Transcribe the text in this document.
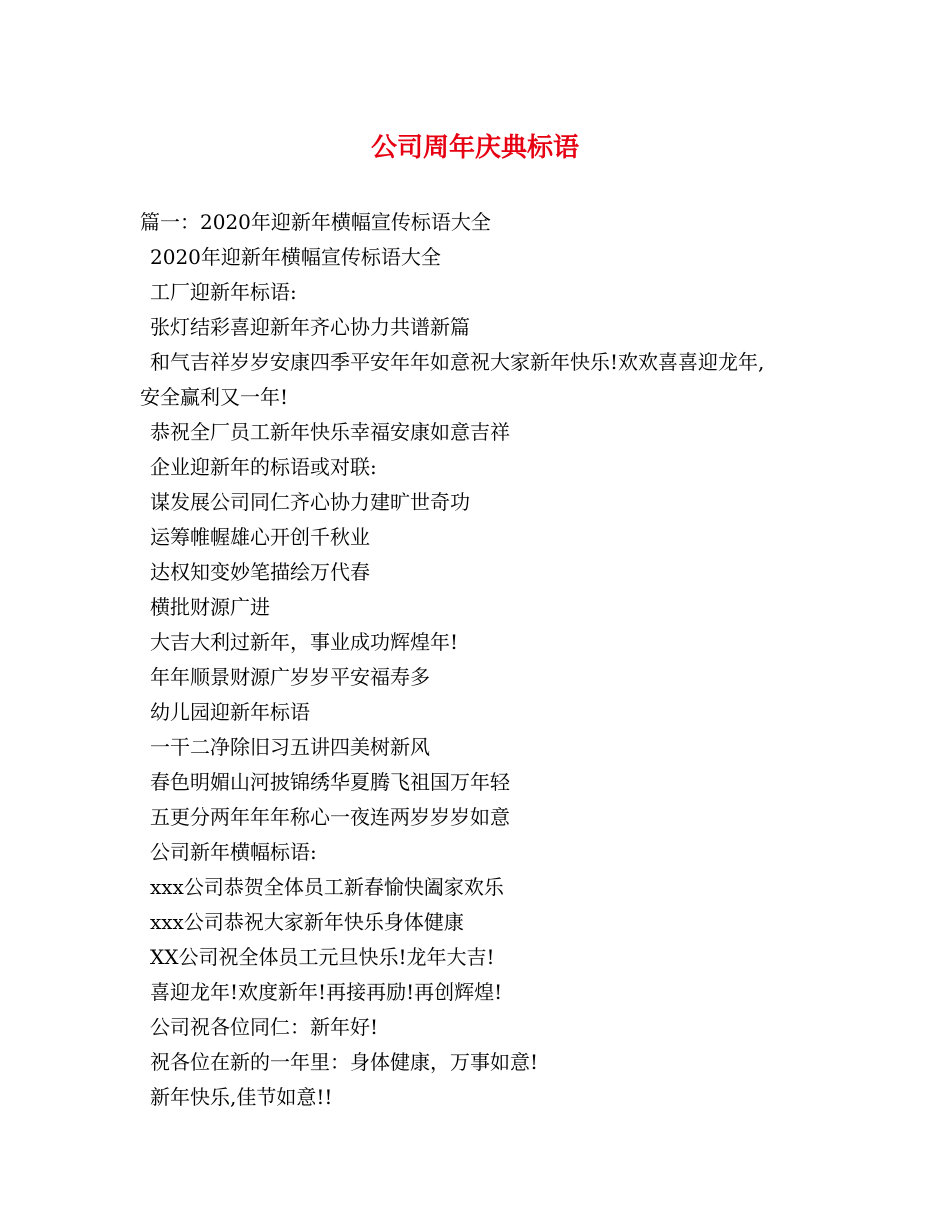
公司周年庆典标语

篇一：2020年迎新年横幅宣传标语大全

2020年迎新年横幅宣传标语大全

工厂迎新年标语:

张灯结彩喜迎新年齐心协力共谱新篇

和气吉祥岁岁安康四季平安年年如意祝大家新年快乐!欢欢喜喜迎龙年,

安全赢利又一年!

恭祝全厂员工新年快乐幸福安康如意吉祥

企业迎新年的标语或对联:

谋发展公司同仁齐心协力建旷世奇功

运筹帷幄雄心开创千秋业

达权知变妙笔描绘万代春

横批财源广进

大吉大利过新年，事业成功辉煌年!

年年顺景财源广岁岁平安福寿多

幼儿园迎新年标语

一干二净除旧习五讲四美树新风

春色明媚山河披锦绣华夏腾飞祖国万年轻

五更分两年年年称心一夜连两岁岁岁如意

公司新年横幅标语:

xxx公司恭贺全体员工新春愉快阖家欢乐

xxx公司恭祝大家新年快乐身体健康

XX公司祝全体员工元旦快乐!龙年大吉!

喜迎龙年!欢度新年!再接再励!再创辉煌!

公司祝各位同仁：新年好!

祝各位在新的一年里：身体健康，万事如意!

新年快乐,佳节如意!!
